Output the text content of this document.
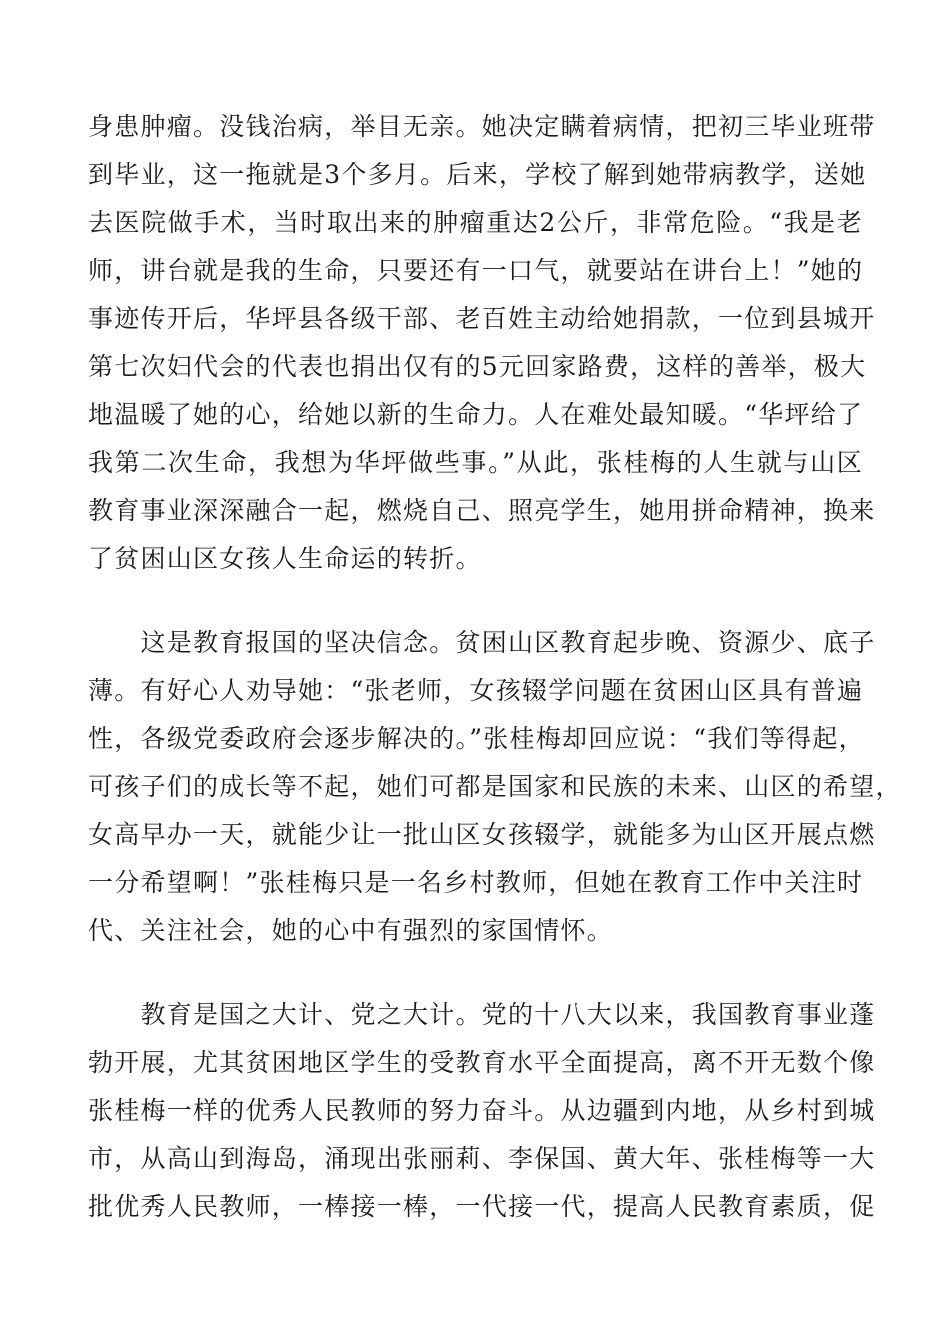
身患肿瘤。没钱治病，举目无亲。她决定瞒着病情，把初三毕业班带
到毕业，这一拖就是3个多月。后来，学校了解到她带病教学，送她
去医院做手术，当时取出来的肿瘤重达2公斤，非常危险。“我是老
师，讲台就是我的生命，只要还有一口气，就要站在讲台上！”她的
事迹传开后，华坪县各级干部、老百姓主动给她捐款，一位到县城开
第七次妇代会的代表也捐出仅有的5元回家路费，这样的善举，极大
地温暖了她的心，给她以新的生命力。人在难处最知暖。“华坪给了
我第二次生命，我想为华坪做些事。”从此，张桂梅的人生就与山区
教育事业深深融合一起，燃烧自己、照亮学生，她用拼命精神，换来
了贫困山区女孩人生命运的转折。
　　这是教育报国的坚决信念。贫困山区教育起步晚、资源少、底子
薄。有好心人劝导她：“张老师，女孩辍学问题在贫困山区具有普遍
性，各级党委政府会逐步解决的。”张桂梅却回应说：“我们等得起，
可孩子们的成长等不起，她们可都是国家和民族的未来、山区的希望，
女高早办一天，就能少让一批山区女孩辍学，就能多为山区开展点燃
一分希望啊！”张桂梅只是一名乡村教师，但她在教育工作中关注时
代、关注社会，她的心中有强烈的家国情怀。
　　教育是国之大计、党之大计。党的十八大以来，我国教育事业蓬
勃开展，尤其贫困地区学生的受教育水平全面提高，离不开无数个像
张桂梅一样的优秀人民教师的努力奋斗。从边疆到内地，从乡村到城
市，从高山到海岛，涌现出张丽莉、李保国、黄大年、张桂梅等一大
批优秀人民教师，一棒接一棒，一代接一代，提高人民教育素质，促
